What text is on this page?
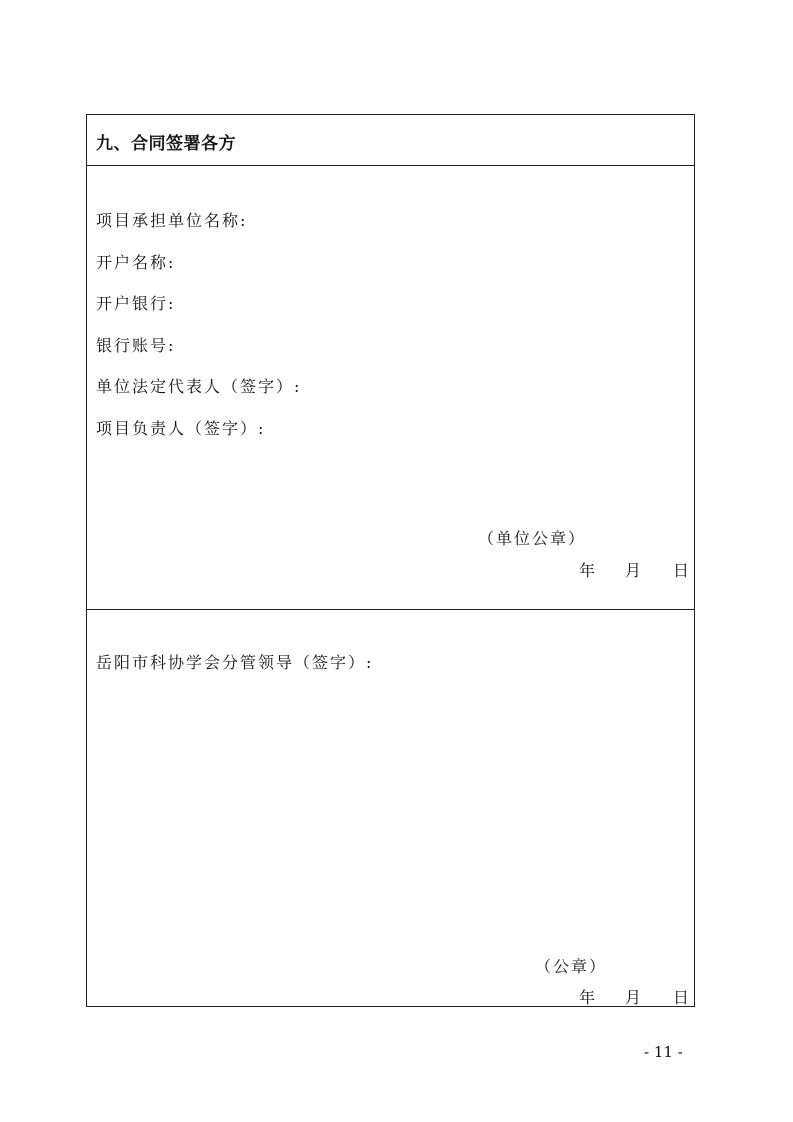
九、合同签署各方
项目承担单位名称:
开户名称:
开户银行:
银行账号:
单位法定代表人（签字）:
项目负责人（签字）:
（单位公章）
年 月 日
岳阳市科协学会分管领导（签字）:
（公章）
年 月 日
- 11 -
